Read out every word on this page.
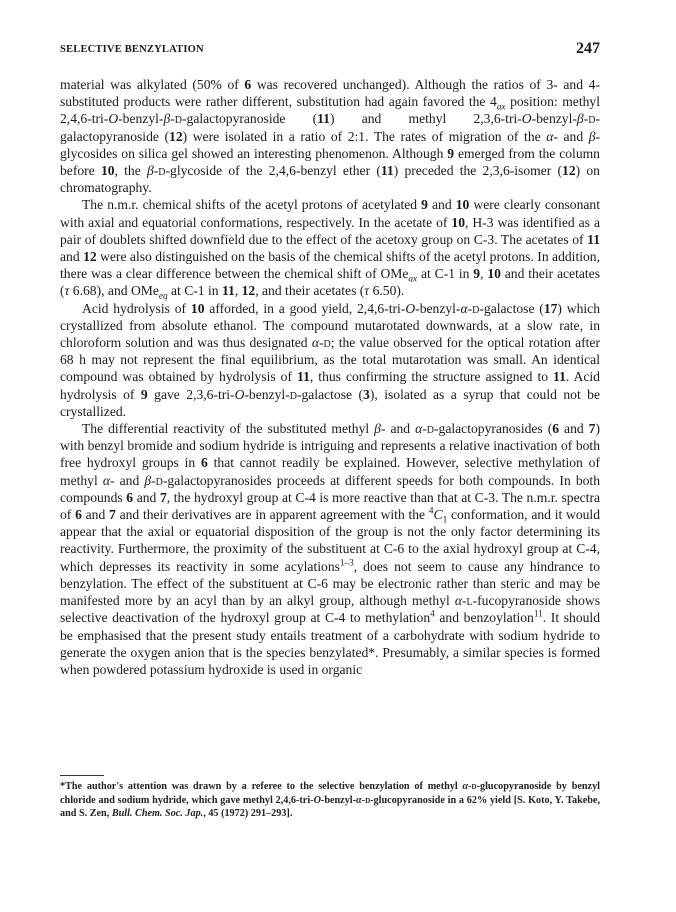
SELECTIVE BENZYLATION	247

material was alkylated (50% of 6 was recovered unchanged). Although the ratios of 3- and 4-substituted products were rather different, substitution had again favored the $4_{ax}$ position: methyl 2,4,6-tri-O-benzyl-β-d-galactopyranoside (11) and methyl 2,3,6-tri-O-benzyl-β-d-galactopyranoside (12) were isolated in a ratio of 2:1. The rates of migration of the α- and β-glycosides on silica gel showed an interesting phenomenon. Although 9 emerged from the column before 10, the β-d-glycoside of the 2,4,6-benzyl ether (11) preceded the 2,3,6-isomer (12) on chromatography.

The n.m.r. chemical shifts of the acetyl protons of acetylated 9 and 10 were clearly consonant with axial and equatorial conformations, respectively. In the acetate of 10, H-3 was identified as a pair of doublets shifted downfield due to the effect of the acetoxy group on C-3. The acetates of 11 and 12 were also distinguished on the basis of the chemical shifts of the acetyl protons. In addition, there was a clear difference between the chemical shift of OMe$_{ax}$ at C-1 in 9, 10 and their acetates (τ 6.68), and OMe$_{eq}$ at C-1 in 11, 12, and their acetates (τ 6.50).

Acid hydrolysis of 10 afforded, in a good yield, 2,4,6-tri-O-benzyl-α-d-galactose (17) which crystallized from absolute ethanol. The compound mutarotated downwards, at a slow rate, in chloroform solution and was thus designated α-d; the value observed for the optical rotation after 68 h may not represent the final equilibrium, as the total mutarotation was small. An identical compound was obtained by hydrolysis of 11, thus confirming the structure assigned to 11. Acid hydrolysis of 9 gave 2,3,6-tri-O-benzyl-d-galactose (3), isolated as a syrup that could not be crystallized.

The differential reactivity of the substituted methyl β- and α-d-galactopyranosides (6 and 7) with benzyl bromide and sodium hydride is intriguing and represents a relative inactivation of both free hydroxyl groups in 6 that cannot readily be explained. However, selective methylation of methyl α- and β-d-galactopyranosides proceeds at different speeds for both compounds. In both compounds 6 and 7, the hydroxyl group at C-4 is more reactive than that at C-3. The n.m.r. spectra of 6 and 7 and their derivatives are in apparent agreement with the $^4C_1$ conformation, and it would appear that the axial or equatorial disposition of the group is not the only factor determining its reactivity. Furthermore, the proximity of the substituent at C-6 to the axial hydroxyl group at C-4, which depresses its reactivity in some acylations$^{1-3}$, does not seem to cause any hindrance to benzylation. The effect of the substituent at C-6 may be electronic rather than steric and may be manifested more by an acyl than by an alkyl group, although methyl α-l-fucopyranoside shows selective deactivation of the hydroxyl group at C-4 to methylation$^4$ and benzoylation$^{11}$. It should be emphasised that the present study entails treatment of a carbohydrate with sodium hydride to generate the oxygen anion that is the species benzylated*. Presumably, a similar species is formed when powdered potassium hydroxide is used in organic

*The author's attention was drawn by a referee to the selective benzylation of methyl α-d-glucopyranoside by benzyl chloride and sodium hydride, which gave methyl 2,4,6-tri-O-benzyl-α-d-glucopyranoside in a 62% yield [S. Koto, Y. Takebe, and S. Zen, Bull. Chem. Soc. Jap., 45 (1972) 291–293].
